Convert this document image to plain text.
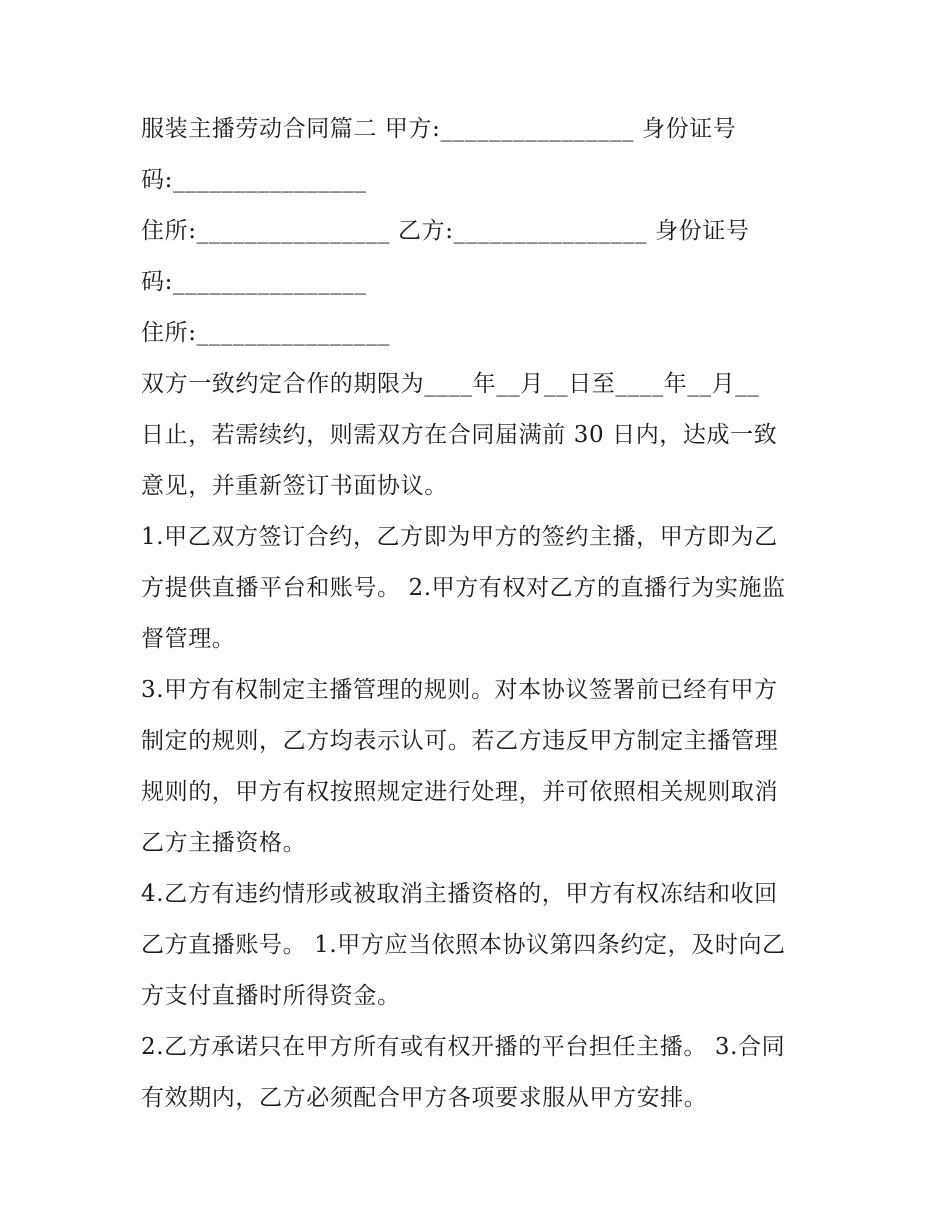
服装主播劳动合同篇二 甲方:________________ 身份证号
码:________________
住所:________________ 乙方:________________ 身份证号
码:________________
住所:________________
双方一致约定合作的期限为____年__月__日至____年__月__
日止，若需续约，则需双方在合同届满前 30 日内，达成一致
意见，并重新签订书面协议。
1.甲乙双方签订合约，乙方即为甲方的签约主播，甲方即为乙
方提供直播平台和账号。 2.甲方有权对乙方的直播行为实施监
督管理。
3.甲方有权制定主播管理的规则。对本协议签署前已经有甲方
制定的规则，乙方均表示认可。若乙方违反甲方制定主播管理
规则的，甲方有权按照规定进行处理，并可依照相关规则取消
乙方主播资格。
4.乙方有违约情形或被取消主播资格的，甲方有权冻结和收回
乙方直播账号。 1.甲方应当依照本协议第四条约定，及时向乙
方支付直播时所得资金。
2.乙方承诺只在甲方所有或有权开播的平台担任主播。 3.合同
有效期内，乙方必须配合甲方各项要求服从甲方安排。
